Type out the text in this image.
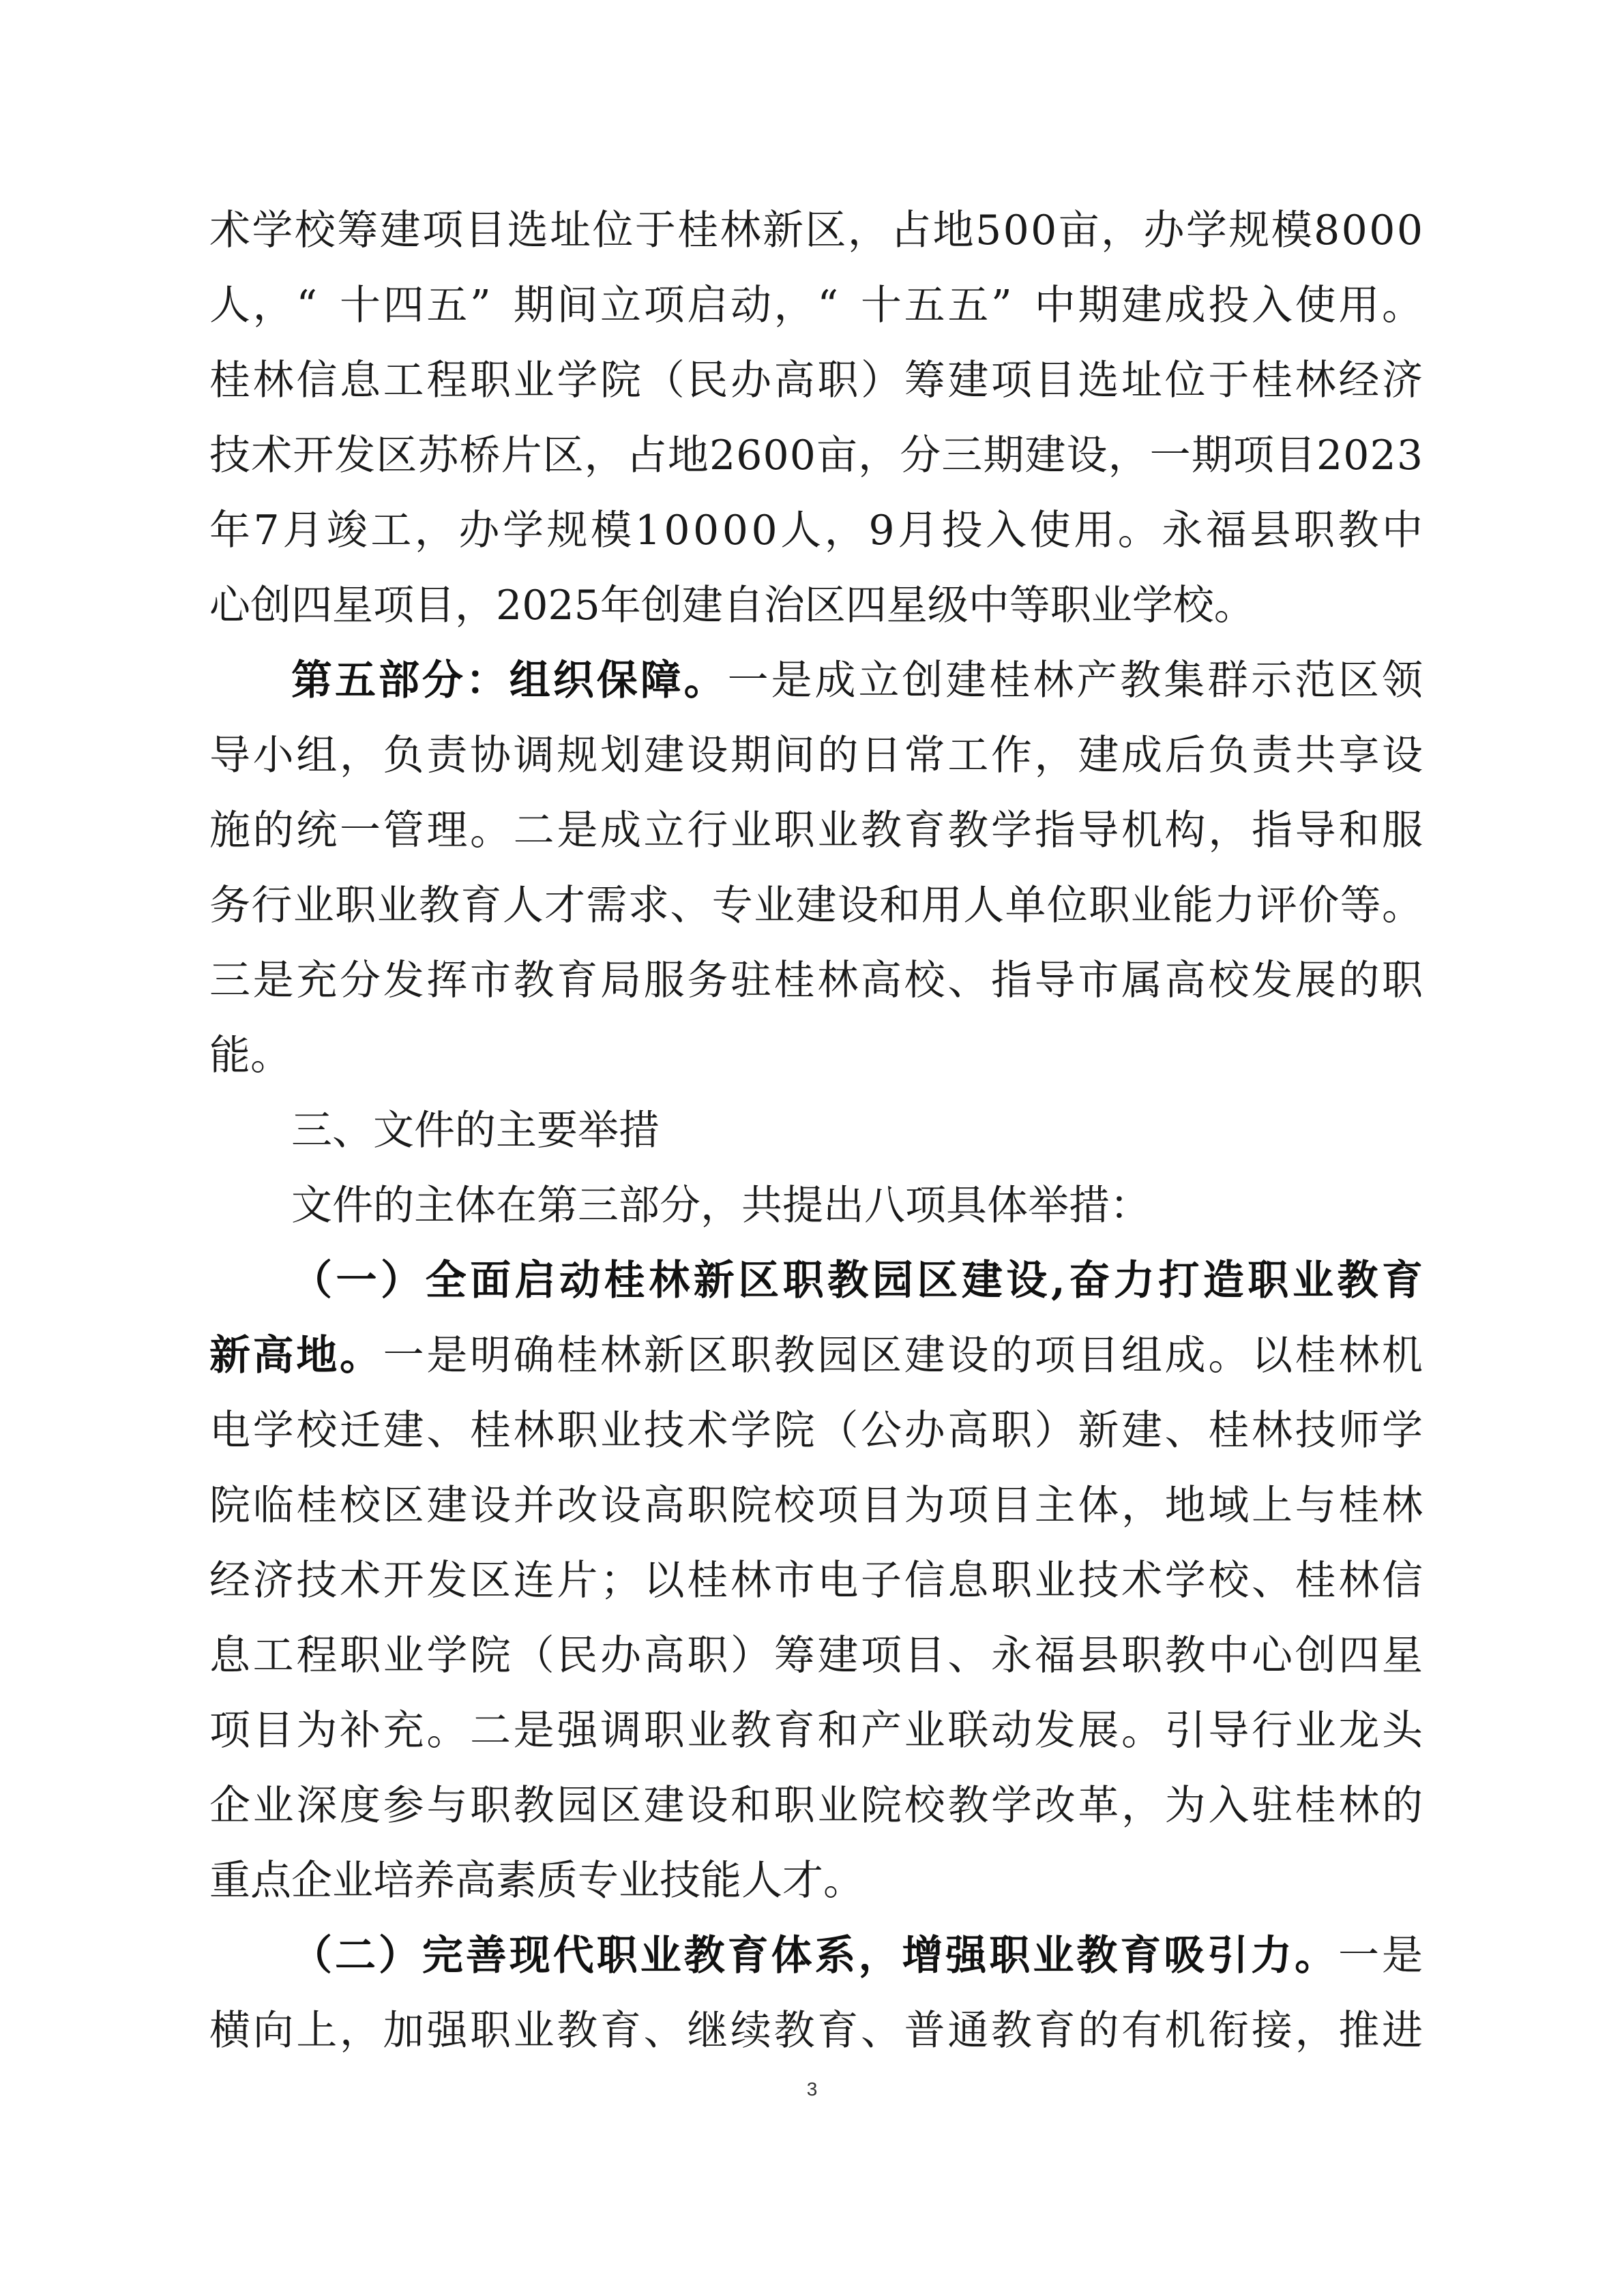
术 学 校 筹 建 项 目 选 址 位 于 桂 林 新 区 ， 占 地 5 0 0 亩 ， 办 学 规 模 8 0 0 0
人 ， “ 十 四 五 ” 期 间 立 项 启 动 ， “ 十 五 五 ” 中 期 建 成 投 入 使 用 。
桂 林 信 息 工 程 职 业 学 院 （ 民 办 高 职 ） 筹 建 项 目 选 址 位 于 桂 林 经 济
技 术 开 发 区 苏 桥 片 区 ， 占 地 2 6 0 0 亩 ， 分 三 期 建 设 ， 一 期 项 目 2 0 2 3
年 7 月 竣 工 ， 办 学 规 模 1 0 0 0 0 人 ， 9 月 投 入 使 用 。 永 福 县 职 教 中
心 创 四 星 项 目 ， 2 0 2 5 年 创 建 自 治 区 四 星 级 中 等 职 业 学 校 。
第 五 部 分 ： 组 织 保 障 。 一 是 成 立 创 建 桂 林 产 教 集 群 示 范 区 领
导 小 组 ， 负 责 协 调 规 划 建 设 期 间 的 日 常 工 作 ， 建 成 后 负 责 共 享 设
施 的 统 一 管 理 。 二 是 成 立 行 业 职 业 教 育 教 学 指 导 机 构 ， 指 导 和 服
务 行 业 职 业 教 育 人 才 需 求 、 专 业 建 设 和 用 人 单 位 职 业 能 力 评 价 等 。
三 是 充 分 发 挥 市 教 育 局 服 务 驻 桂 林 高 校 、 指 导 市 属 高 校 发 展 的 职
能 。
三 、 文 件 的 主 要 举 措
文 件 的 主 体 在 第 三 部 分 ， 共 提 出 八 项 具 体 举 措 ：
（ 一 ） 全 面 启 动 桂 林 新 区 职 教 园 区 建 设 , 奋 力 打 造 职 业 教 育
新 高 地 。 一 是 明 确 桂 林 新 区 职 教 园 区 建 设 的 项 目 组 成 。 以 桂 林 机
电 学 校 迁 建 、 桂 林 职 业 技 术 学 院 （ 公 办 高 职 ） 新 建 、 桂 林 技 师 学
院 临 桂 校 区 建 设 并 改 设 高 职 院 校 项 目 为 项 目 主 体 ， 地 域 上 与 桂 林
经 济 技 术 开 发 区 连 片 ； 以 桂 林 市 电 子 信 息 职 业 技 术 学 校 、 桂 林 信
息 工 程 职 业 学 院 （ 民 办 高 职 ） 筹 建 项 目 、 永 福 县 职 教 中 心 创 四 星
项 目 为 补 充 。 二 是 强 调 职 业 教 育 和 产 业 联 动 发 展 。 引 导 行 业 龙 头
企 业 深 度 参 与 职 教 园 区 建 设 和 职 业 院 校 教 学 改 革 ， 为 入 驻 桂 林 的
重 点 企 业 培 养 高 素 质 专 业 技 能 人 才 。
（ 二 ） 完 善 现 代 职 业 教 育 体 系 ， 增 强 职 业 教 育 吸 引 力 。 一 是
横 向 上 ， 加 强 职 业 教 育 、 继 续 教 育 、 普 通 教 育 的 有 机 衔 接 ， 推 进
3
